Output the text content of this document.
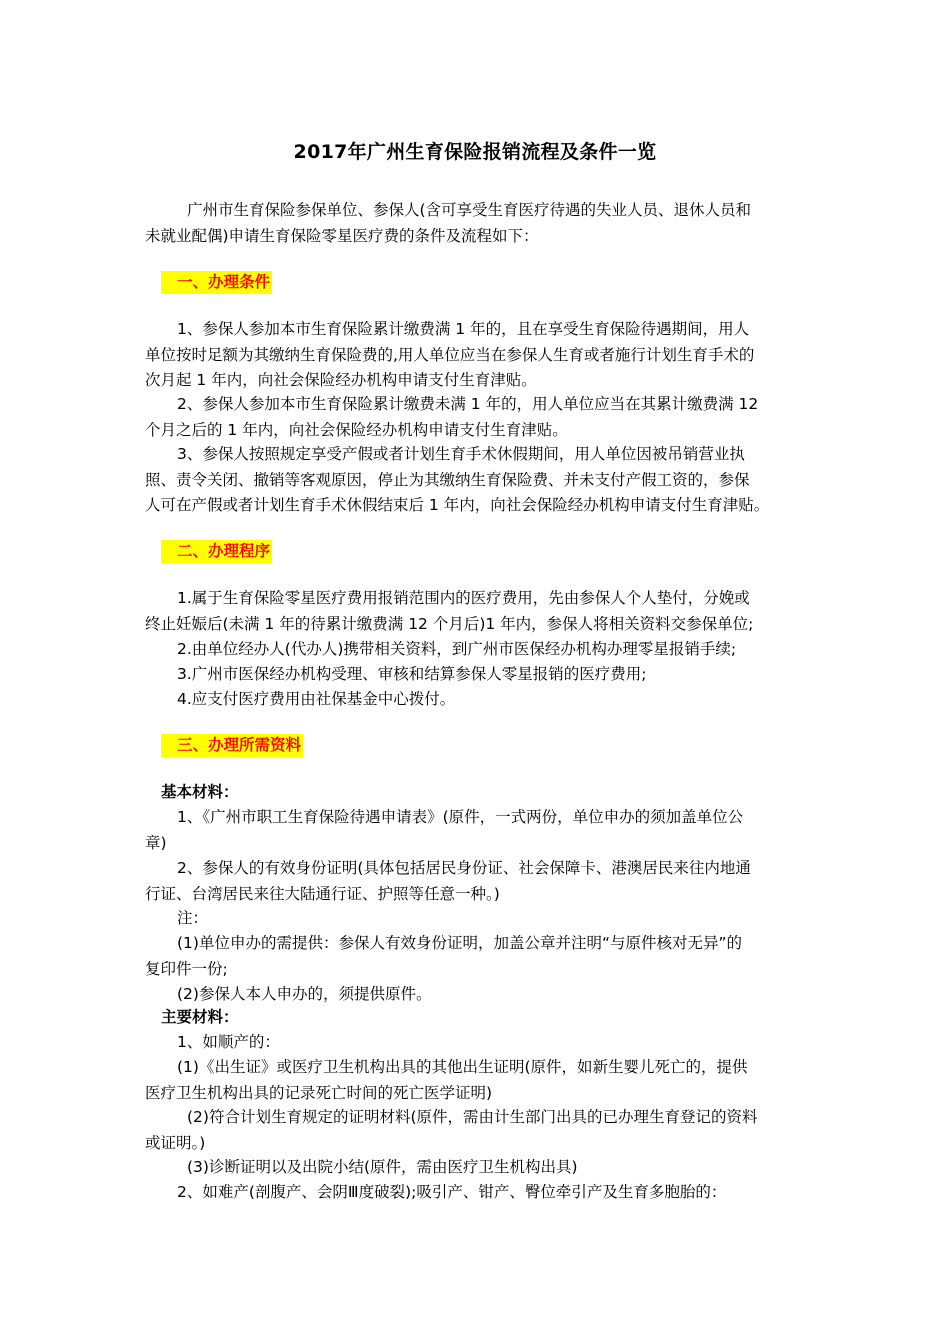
2017年广州生育保险报销流程及条件一览
广州市生育保险参保单位、参保人(含可享受生育医疗待遇的失业人员、退休人员和
未就业配偶)申请生育保险零星医疗费的条件及流程如下：
一、办理条件
1、参保人参加本市生育保险累计缴费满 1 年的，且在享受生育保险待遇期间，用人
单位按时足额为其缴纳生育保险费的,用人单位应当在参保人生育或者施行计划生育手术的
次月起 1 年内，向社会保险经办机构申请支付生育津贴。
2、参保人参加本市生育保险累计缴费未满 1 年的，用人单位应当在其累计缴费满 12
个月之后的 1 年内，向社会保险经办机构申请支付生育津贴。
3、参保人按照规定享受产假或者计划生育手术休假期间，用人单位因被吊销营业执
照、责令关闭、撤销等客观原因，停止为其缴纳生育保险费、并未支付产假工资的，参保
人可在产假或者计划生育手术休假结束后 1 年内，向社会保险经办机构申请支付生育津贴。
二、办理程序
1.属于生育保险零星医疗费用报销范围内的医疗费用，先由参保人个人垫付，分娩或
终止妊娠后(未满 1 年的待累计缴费满 12 个月后)1 年内，参保人将相关资料交参保单位;
2.由单位经办人(代办人)携带相关资料，到广州市医保经办机构办理零星报销手续;
3.广州市医保经办机构受理、审核和结算参保人零星报销的医疗费用;
4.应支付医疗费用由社保基金中心拨付。
三、办理所需资料
基本材料：
1、《广州市职工生育保险待遇申请表》(原件，一式两份，单位申办的须加盖单位公
章)
2、参保人的有效身份证明(具体包括居民身份证、社会保障卡、港澳居民来往内地通
行证、台湾居民来往大陆通行证、护照等任意一种。)
注：
(1)单位申办的需提供：参保人有效身份证明，加盖公章并注明“与原件核对无异”的
复印件一份;
(2)参保人本人申办的，须提供原件。
主要材料：
1、如顺产的：
(1)《出生证》或医疗卫生机构出具的其他出生证明(原件，如新生婴儿死亡的，提供
医疗卫生机构出具的记录死亡时间的死亡医学证明)
(2)符合计划生育规定的证明材料(原件，需由计生部门出具的已办理生育登记的资料
或证明。)
(3)诊断证明以及出院小结(原件，需由医疗卫生机构出具)
2、如难产(剖腹产、会阴Ⅲ度破裂);吸引产、钳产、臀位牵引产及生育多胞胎的：
